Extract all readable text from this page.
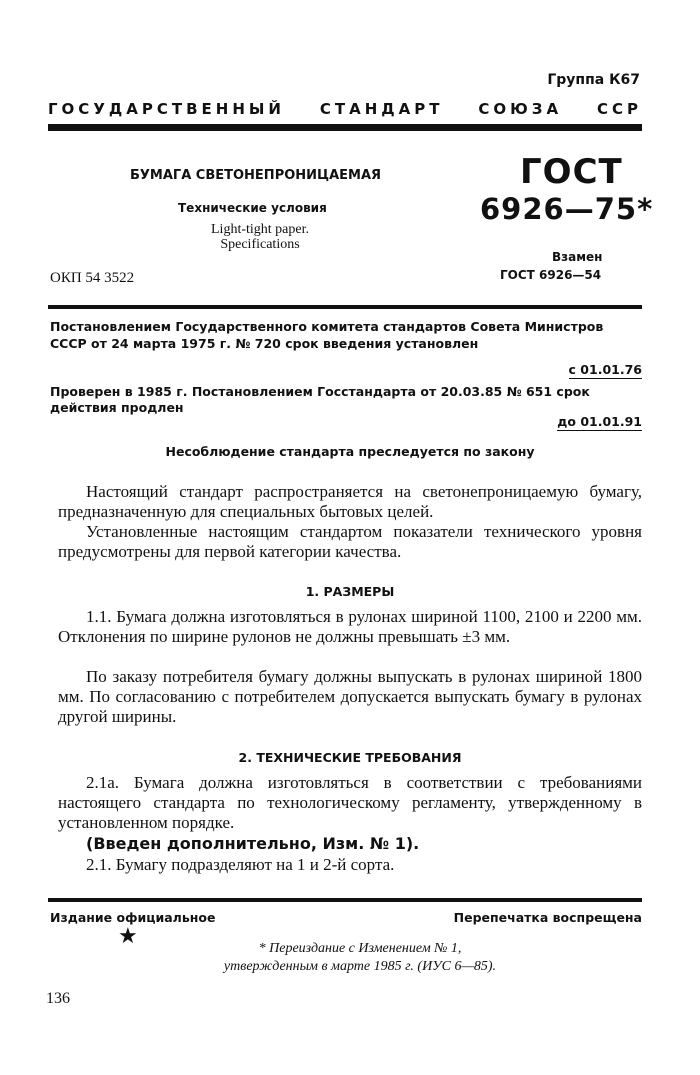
Группа К67
ГОСУДАРСТВЕННЫЙ СТАНДАРТ СОЮЗА ССР
БУМАГА СВЕТОНЕПРОНИЦАЕМАЯ
Технические условия
Light-tight paper.
Specifications
ОКП 54 3522
ГОСТ
6926—75*
Взамен
ГОСТ 6926—54
Постановлением Государственного комитета стандартов Совета Министров СССР от 24 марта 1975 г. № 720 срок введения установлен
с 01.01.76
Проверен в 1985 г. Постановлением Госстандарта от 20.03.85 № 651 срок действия продлен
до 01.01.91
Несоблюдение стандарта преследуется по закону
Настоящий стандарт распространяется на светонепроницаемую бумагу, предназначенную для специальных бытовых целей.
Установленные настоящим стандартом показатели технического уровня предусмотрены для первой категории качества.
1. РАЗМЕРЫ
1.1. Бумага должна изготовляться в рулонах шириной 1100, 2100 и 2200 мм. Отклонения по ширине рулонов не должны превышать ±3 мм.
По заказу потребителя бумагу должны выпускать в рулонах шириной 1800 мм. По согласованию с потребителем допускается выпускать бумагу в рулонах другой ширины.
2. ТЕХНИЧЕСКИЕ ТРЕБОВАНИЯ
2.1а. Бумага должна изготовляться в соответствии с требованиями настоящего стандарта по технологическому регламенту, утвержденному в установленном порядке.
(Введен дополнительно, Изм. № 1).
2.1. Бумагу подразделяют на 1 и 2-й сорта.
Издание официальное	Перепечатка воспрещена
★	* Переиздание с Изменением № 1,
утвержденным в марте 1985 г. (ИУС 6—85).
136
